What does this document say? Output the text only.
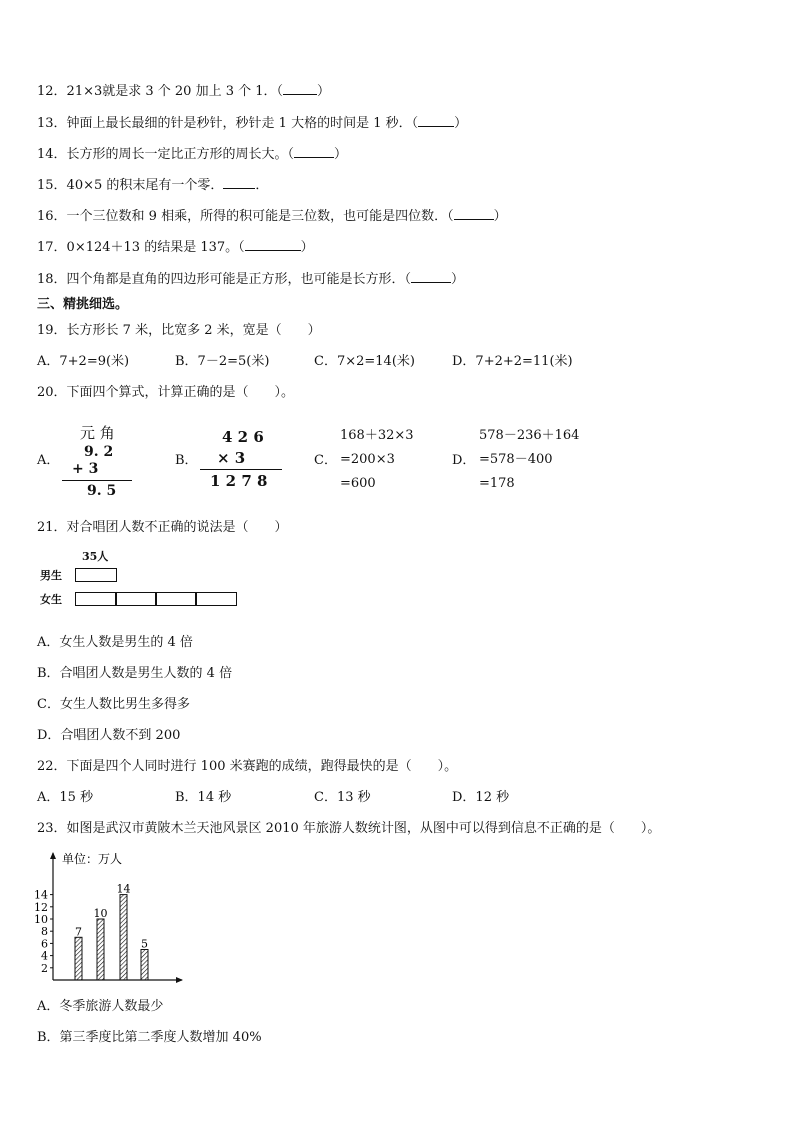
12．21×3就是求 3 个 20 加上 3 个 1．（	）
13．钟面上最长最细的针是秒针，秒针走 1 大格的时间是 1 秒．（	）
14．长方形的周长一定比正方形的周长大。（	）
15．40×5 的积末尾有一个零． ．
16．一个三位数和 9 相乘，所得的积可能是三位数，也可能是四位数．（	）
17．0×124＋13 的结果是 137。（	）
18．四个角都是直角的四边形可能是正方形，也可能是长方形．（	）
三、精挑细选。
19．长方形长 7 米，比宽多 2 米，宽是（　　）
A．7+2=9(米)	B．7－2=5(米)	C．7×2=14(米)	D．7+2+2=11(米)
20．下面四个算式，计算正确的是（　　）。
A．
元 角
9. 2
+ 3
9. 5
B．
4 2 6
× 3
1 2 7 8
C．
168＋32×3
=200×3
=600
D．
578－236＋164
=578－400
=178
21．对合唱团人数不正确的说法是（　　）
35人
男生
女生
A．女生人数是男生的 4 倍
B．合唱团人数是男生人数的 4 倍
C．女生人数比男生多得多
D．合唱团人数不到 200
22．下面是四个人同时进行 100 米赛跑的成绩，跑得最快的是（　　）。
A．15 秒	B．14 秒	C．13 秒	D．12 秒
23．如图是武汉市黄陂木兰天池风景区 2010 年旅游人数统计图，从图中可以得到信息不正确的是（　　）。
单位：万人
2
4
6
8
10
12
14
7
10
14
5
A．冬季旅游人数最少
B．第三季度比第二季度人数增加 40%
